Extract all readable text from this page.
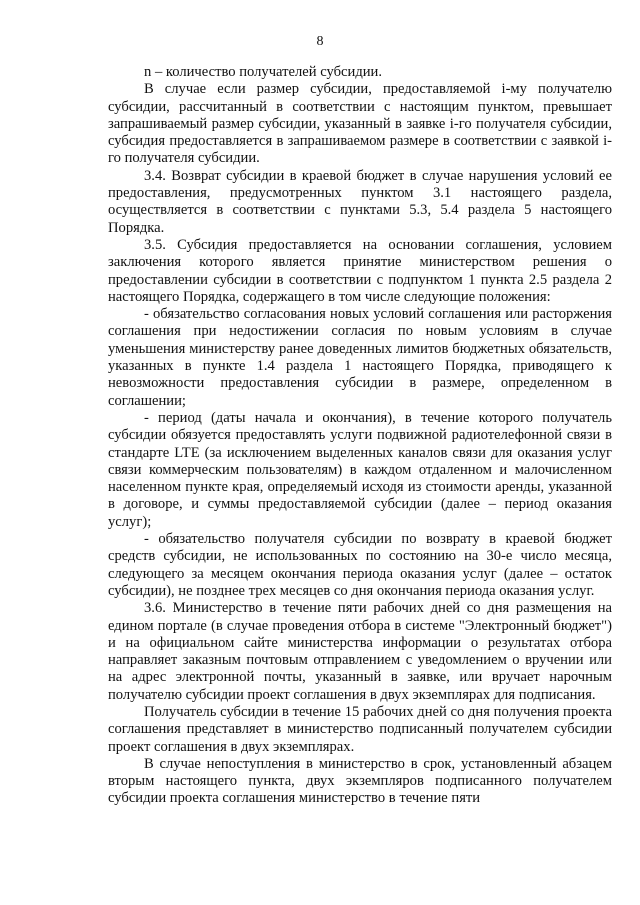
8

n – количество получателей субсидии.

В случае если размер субсидии, предоставляемой i-му получателю субсидии, рассчитанный в соответствии с настоящим пунктом, превышает запрашиваемый размер субсидии, указанный в заявке i-го получателя субсидии, субсидия предоставляется в запрашиваемом размере в соответствии с заявкой i-го получателя субсидии.

3.4. Возврат субсидии в краевой бюджет в случае нарушения условий ее предоставления, предусмотренных пунктом 3.1 настоящего раздела, осуществляется в соответствии с пунктами 5.3, 5.4 раздела 5 настоящего Порядка.

3.5. Субсидия предоставляется на основании соглашения, условием заключения которого является принятие министерством решения о предоставлении субсидии в соответствии с подпунктом 1 пункта 2.5 раздела 2 настоящего Порядка, содержащего в том числе следующие положения:

- обязательство согласования новых условий соглашения или расторжения соглашения при недостижении согласия по новым условиям в случае уменьшения министерству ранее доведенных лимитов бюджетных обязательств, указанных в пункте 1.4 раздела 1 настоящего Порядка, приводящего к невозможности предоставления субсидии в размере, определенном в соглашении;

- период (даты начала и окончания), в течение которого получатель субсидии обязуется предоставлять услуги подвижной радиотелефонной связи в стандарте LTE (за исключением выделенных каналов связи для оказания услуг связи коммерческим пользователям) в каждом отдаленном и малочисленном населенном пункте края, определяемый исходя из стоимости аренды, указанной в договоре, и суммы предоставляемой субсидии (далее – период оказания услуг);

- обязательство получателя субсидии по возврату в краевой бюджет средств субсидии, не использованных по состоянию на 30-е число месяца, следующего за месяцем окончания периода оказания услуг (далее – остаток субсидии), не позднее трех месяцев со дня окончания периода оказания услуг.

3.6. Министерство в течение пяти рабочих дней со дня размещения на едином портале (в случае проведения отбора в системе "Электронный бюджет") и на официальном сайте министерства информации о результатах отбора направляет заказным почтовым отправлением с уведомлением о вручении или на адрес электронной почты, указанный в заявке, или вручает нарочным получателю субсидии проект соглашения в двух экземплярах для подписания.

Получатель субсидии в течение 15 рабочих дней со дня получения проекта соглашения представляет в министерство подписанный получателем субсидии проект соглашения в двух экземплярах.

В случае непоступления в министерство в срок, установленный абзацем вторым настоящего пункта, двух экземпляров подписанного получателем субсидии проекта соглашения министерство в течение пяти
